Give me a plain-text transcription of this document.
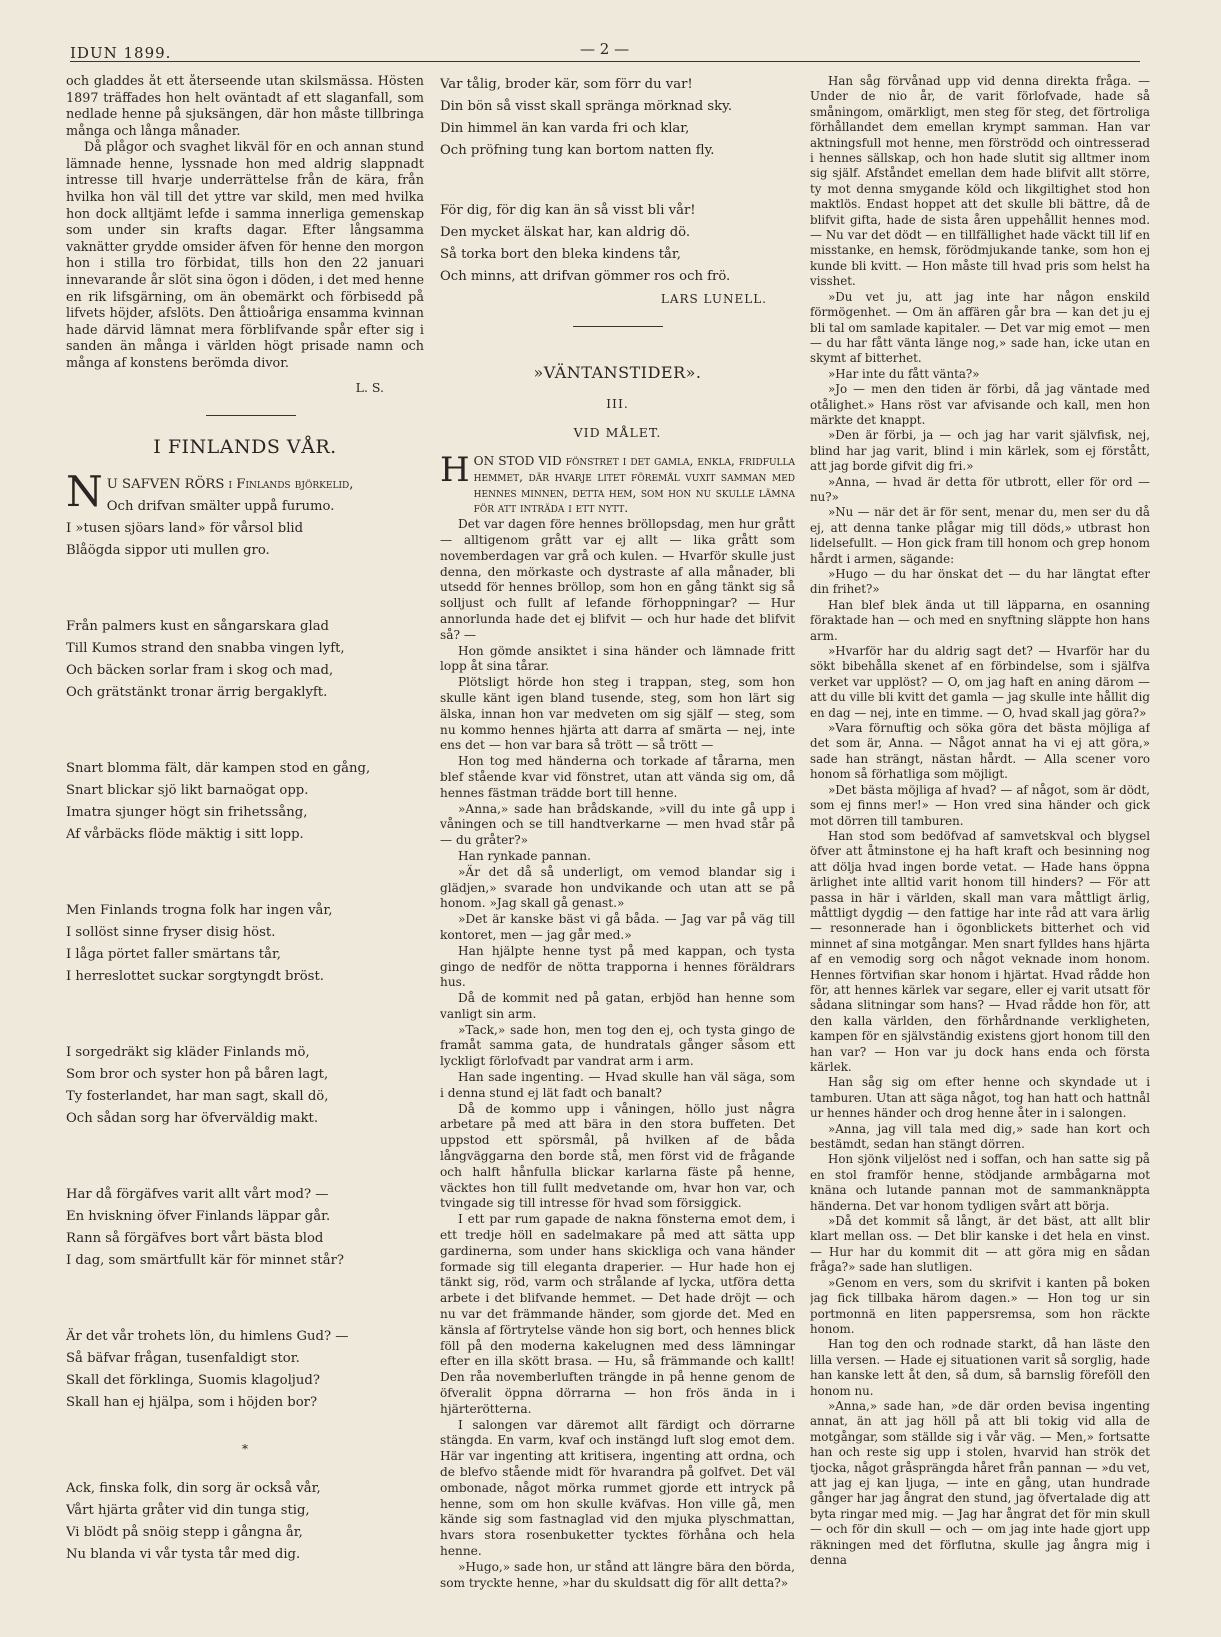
IDUN 1899.	— 2 —

och gladdes åt ett återseende utan skilsmässa. Hösten 1897 träffades hon helt oväntadt af ett slaganfall, som nedlade henne på sjuksängen, där hon måste tillbringa många och långa månader.

Då plågor och svaghet likväl för en och annan stund lämnade henne, lyssnade hon med aldrig slappnadt intresse till hvarje underrättelse från de kära, från hvilka hon väl till det yttre var skild, men med hvilka hon dock alltjämt lefde i samma innerliga gemenskap som under sin krafts dagar. Efter långsamma vaknätter grydde omsider äfven för henne den morgon hon i stilla tro förbidat, tills hon den 22 januari innevarande år slöt sina ögon i döden, i det med henne en rik lifsgärning, om än obemärkt och förbisedd på lifvets höjder, afslöts. Den åttioåriga ensamma kvinnan hade därvid lämnat mera förblifvande spår efter sig i sanden än många i världen högt prisade namn och många af konstens berömda divor.

L. S.
I FINLANDS VÅR.
N U SAFVEN RÖRS i Finlands björkelid,
Och drifvan smälter uppå furumo.
I »tusen sjöars land» för vårsol blid
Blåögda sippor uti mullen gro.
Från palmers kust en sångarskara glad
Till Kumos strand den snabba vingen lyft,
Och bäcken sorlar fram i skog och mad,
Och grätstänkt tronar ärrig bergaklyft.
Snart blomma fält, där kampen stod en gång,
Snart blickar sjö likt barnaögat opp.
Imatra sjunger högt sin frihetssång,
Af vårbäcks flöde mäktig i sitt lopp.
Men Finlands trogna folk har ingen vår,
I sollöst sinne fryser disig höst.
I låga pörtet faller smärtans tår,
I herreslottet suckar sorgtyngdt bröst.
I sorgedräkt sig kläder Finlands mö,
Som bror och syster hon på båren lagt,
Ty fosterlandet, har man sagt, skall dö,
Och sådan sorg har öfverväldig makt.
Har då förgäfves varit allt vårt mod? —
En hviskning öfver Finlands läppar går.
Rann så förgäfves bort vårt bästa blod
I dag, som smärtfullt kär för minnet står?
Är det vår trohets lön, du himlens Gud? —
Så bäfvar frågan, tusenfaldigt stor.
Skall det förklinga, Suomis klagoljud?
Skall han ej hjälpa, som i höjden bor?
*
Ack, finska folk, din sorg är också vår,
Vårt hjärta gråter vid din tunga stig,
Vi blödt på snöig stepp i gångna år,
Nu blanda vi vår tysta tår med dig.
Var tålig, broder kär, som förr du var!
Din bön så visst skall spränga mörknad sky.
Din himmel än kan varda fri och klar,
Och pröfning tung kan bortom natten fly.
För dig, för dig kan än så visst bli vår!
Den mycket älskat har, kan aldrig dö.
Så torka bort den bleka kindens tår,
Och minns, att drifvan gömmer ros och frö.
LARS LUNELL.
»VÄNTANSTIDER».
III.
VID MÅLET.
H ON STOD VID fönstret i det gamla, enkla, fridfulla hemmet, där hvarje litet föremål vuxit samman med hennes minnen, detta hem, som hon nu skulle lämna för att inträda i ett nytt.

Det var dagen före hennes bröllopsdag, men hur grått — alltigenom grått var ej allt — lika grått som novemberdagen var grå och kulen. — Hvarför skulle just denna, den mörkaste och dystraste af alla månader, bli utsedd för hennes bröllop, som hon en gång tänkt sig så solljust och fullt af lefande förhoppningar? — Hur annorlunda hade det ej blifvit — och hur hade det blifvit så? —

Hon gömde ansiktet i sina händer och lämnade fritt lopp åt sina tårar.

Plötsligt hörde hon steg i trappan, steg, som hon skulle känt igen bland tusende, steg, som hon lärt sig älska, innan hon var medveten om sig själf — steg, som nu kommo hennes hjärta att darra af smärta — nej, inte ens det — hon var bara så trött — så trött —

Hon tog med händerna och torkade af tårarna, men blef stående kvar vid fönstret, utan att vända sig om, då hennes fästman trädde bort till henne.

»Anna,» sade han brådskande, »vill du inte gå upp i våningen och se till handtverkarne — men hvad står på — du gråter?»

Han rynkade pannan.

»Är det då så underligt, om vemod blandar sig i glädjen,» svarade hon undvikande och utan att se på honom. »Jag skall gå genast.»

»Det är kanske bäst vi gå båda. — Jag var på väg till kontoret, men — jag går med.»

Han hjälpte henne tyst på med kappan, och tysta gingo de nedför de nötta trapporna i hennes föräldrars hus.

Då de kommit ned på gatan, erbjöd han henne som vanligt sin arm.

»Tack,» sade hon, men tog den ej, och tysta gingo de framåt samma gata, de hundratals gånger såsom ett lyckligt förlofvadt par vandrat arm i arm.

Han sade ingenting. — Hvad skulle han väl säga, som i denna stund ej lät fadt och banalt?

Då de kommo upp i våningen, höllo just några arbetare på med att bära in den stora buffeten. Det uppstod ett spörsmål, på hvilken af de båda långväggarna den borde stå, men först vid de frågande och halft hånfulla blickar karlarna fäste på henne, väcktes hon till fullt medvetande om, hvar hon var, och tvingade sig till intresse för hvad som försiggick.

I ett par rum gapade de nakna fönsterna emot dem, i ett tredje höll en sadelmakare på med att sätta upp gardinerna, som under hans skickliga och vana händer formade sig till eleganta draperier. — Hur hade hon ej tänkt sig, röd, varm och strålande af lycka, utföra detta arbete i det blifvande hemmet. — Det hade dröjt — och nu var det främmande händer, som gjorde det. Med en känsla af förtrytelse vände hon sig bort, och hennes blick föll på den moderna kakelugnen med dess lämningar efter en illa skött brasa. — Hu, så främmande och kallt! Den råa novemberluften trängde in på henne genom de öfveralit öppna dörrarna — hon frös ända in i hjärterötterna.

I salongen var däremot allt färdigt och dörrarne stängda. En varm, kvaf och instängd luft slog emot dem. Här var ingenting att kritisera, ingenting att ordna, och de blefvo stående midt för hvarandra på golfvet. Det väl ombonade, något mörka rummet gjorde ett intryck på henne, som om hon skulle kväfvas. Hon ville gå, men kände sig som fastnaglad vid den mjuka plyschmattan, hvars stora rosenbuketter tycktes förhåna och hela henne.

»Hugo,» sade hon, ur stånd att längre bära den börda, som tryckte henne, »har du skuldsatt dig för allt detta?»

Han såg förvånad upp vid denna direkta fråga. — Under de nio år, de varit förlofvade, hade så småningom, omärkligt, men steg för steg, det förtroliga förhållandet dem emellan krympt samman. Han var aktningsfull mot henne, men förströdd och ointresserad i hennes sällskap, och hon hade slutit sig alltmer inom sig själf. Afståndet emellan dem hade blifvit allt större, ty mot denna smygande köld och likgiltighet stod hon maktlös. Endast hoppet att det skulle bli bättre, då de blifvit gifta, hade de sista åren uppehållit hennes mod. — Nu var det dödt — en tillfällighet hade väckt till lif en misstanke, en hemsk, förödmjukande tanke, som hon ej kunde bli kvitt. — Hon måste till hvad pris som helst ha visshet.

»Du vet ju, att jag inte har någon enskild förmögenhet. — Om än affären går bra — kan det ju ej bli tal om samlade kapitaler. — Det var mig emot — men — du har fått vänta länge nog,» sade han, icke utan en skymt af bitterhet.

»Har inte du fått vänta?»

»Jo — men den tiden är förbi, då jag väntade med otålighet.» Hans röst var afvisande och kall, men hon märkte det knappt.

»Den är förbi, ja — och jag har varit självfisk, nej, blind har jag varit, blind i min kärlek, som ej förstått, att jag borde gifvit dig fri.»

»Anna, — hvad är detta för utbrott, eller för ord — nu?»

»Nu — när det är för sent, menar du, men ser du då ej, att denna tanke plågar mig till döds,» utbrast hon lidelsefullt. — Hon gick fram till honom och grep honom hårdt i armen, sägande:

»Hugo — du har önskat det — du har längtat efter din frihet?»

Han blef blek ända ut till läpparna, en osanning föraktade han — och med en snyftning släppte hon hans arm.

»Hvarför har du aldrig sagt det? — Hvarför har du sökt bibehålla skenet af en förbindelse, som i själfva verket var upplöst? — O, om jag haft en aning därom — att du ville bli kvitt det gamla — jag skulle inte hållit dig en dag — nej, inte en timme. — O, hvad skall jag göra?»

»Vara förnuftig och söka göra det bästa möjliga af det som är, Anna. — Något annat ha vi ej att göra,» sade han strängt, nästan hårdt. — Alla scener voro honom så förhatliga som möjligt.

»Det bästa möjliga af hvad? — af något, som är dödt, som ej finns mer!» — Hon vred sina händer och gick mot dörren till tamburen.

Han stod som bedöfvad af samvetskval och blygsel öfver att åtminstone ej ha haft kraft och besinning nog att dölja hvad ingen borde vetat. — Hade hans öppna ärlighet inte alltid varit honom till hinders? — För att passa in här i världen, skall man vara måttligt ärlig, måttligt dygdig — den fattige har inte råd att vara ärlig — resonnerade han i ögonblickets bitterhet och vid minnet af sina motgångar. Men snart fylldes hans hjärta af en vemodig sorg och något veknade inom honom. Hennes förtvifian skar honom i hjärtat. Hvad rådde hon för, att hennes kärlek var segare, eller ej varit utsatt för sådana slitningar som hans? — Hvad rådde hon för, att den kalla världen, den förhårdnande verkligheten, kampen för en självständig existens gjort honom till den han var? — Hon var ju dock hans enda och första kärlek.

Han såg sig om efter henne och skyndade ut i tamburen. Utan att säga något, tog han hatt och hattnål ur hennes händer och drog henne åter in i salongen.

»Anna, jag vill tala med dig,» sade han kort och bestämdt, sedan han stängt dörren.

Hon sjönk viljelöst ned i soffan, och han satte sig på en stol framför henne, stödjande armbågarna mot knäna och lutande pannan mot de sammanknäppta händerna. Det var honom tydligen svårt att börja.

»Då det kommit så långt, är det bäst, att allt blir klart mellan oss. — Det blir kanske i det hela en vinst. — Hur har du kommit dit — att göra mig en sådan fråga?» sade han slutligen.

»Genom en vers, som du skrifvit i kanten på boken jag fick tillbaka härom dagen.» — Hon tog ur sin portmonnä en liten pappersremsa, som hon räckte honom.

Han tog den och rodnade starkt, då han läste den lilla versen. — Hade ej situationen varit så sorglig, hade han kanske lett åt den, så dum, så barnslig föreföll den honom nu.

»Anna,» sade han, »de där orden bevisa ingenting annat, än att jag höll på att bli tokig vid alla de motgångar, som ställde sig i vår väg. — Men,» fortsatte han och reste sig upp i stolen, hvarvid han strök det tjocka, något gråsprängda håret från pannan — »du vet, att jag ej kan ljuga, — inte en gång, utan hundrade gånger har jag ångrat den stund, jag öfvertalade dig att byta ringar med mig. — Jag har ångrat det för min skull — och för din skull — och — om jag inte hade gjort upp räkningen med det förflutna, skulle jag ångra mig i denna
